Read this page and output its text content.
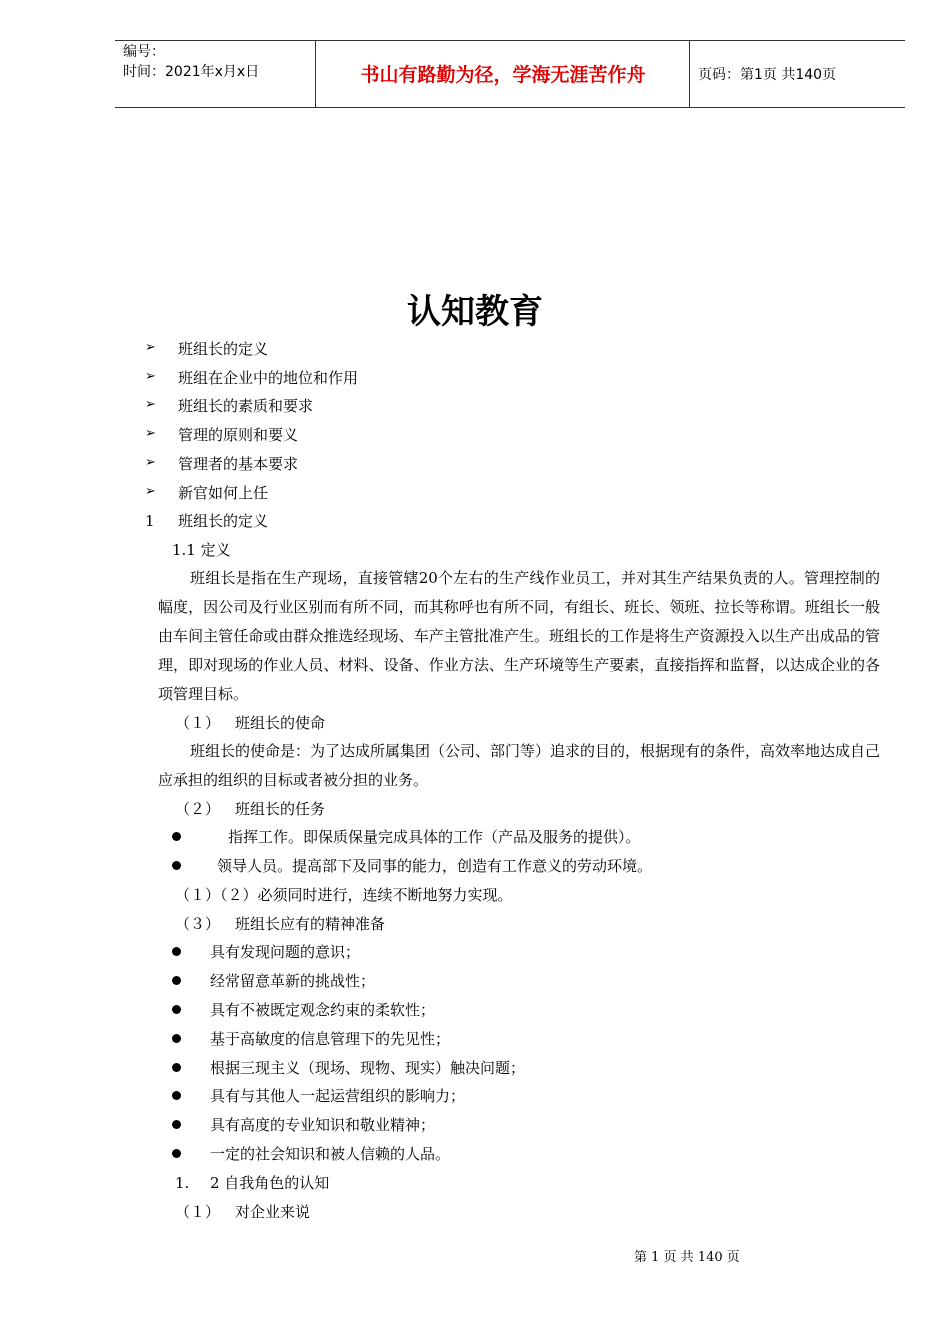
编号：
时间：2021年x月x日	书山有路勤为径，学海无涯苦作舟	页码：第1页 共140页
认知教育
➢ 班组长的定义
➢ 班组在企业中的地位和作用
➢ 班组长的素质和要求
➢ 管理的原则和要义
➢ 管理者的基本要求
➢ 新官如何上任
1 班组长的定义
1.1 定义
班组长是指在生产现场，直接管辖20个左右的生产线作业员工，并对其生产结果负责的人。管理控制的幅度，因公司及行业区别而有所不同，而其称呼也有所不同，有组长、班长、领班、拉长等称谓。班组长一般由车间主管任命或由群众推选经现场、车产主管批准产生。班组长的工作是将生产资源投入以生产出成品的管理，即对现场的作业人员、材料、设备、作业方法、生产环境等生产要素，直接指挥和监督，以达成企业的各项管理目标。
（１） 班组长的使命
班组长的使命是：为了达成所属集团（公司、部门等）追求的目的，根据现有的条件，高效率地达成自己应承担的组织的目标或者被分担的业务。
（２） 班组长的任务
指挥工作。即保质保量完成具体的工作（产品及服务的提供）。
领导人员。提高部下及同事的能力，创造有工作意义的劳动环境。
（１）（２）必须同时进行，连续不断地努力实现。
（３） 班组长应有的精神准备
具有发现问题的意识；
经常留意革新的挑战性；
具有不被既定观念约束的柔软性；
基于高敏度的信息管理下的先见性；
根据三现主义（现场、现物、现实）触决问题；
具有与其他人一起运营组织的影响力；
具有高度的专业知识和敬业精神；
一定的社会知识和被人信赖的人品。
1. 2 自我角色的认知
（１） 对企业来说
第 1 页 共 140 页
